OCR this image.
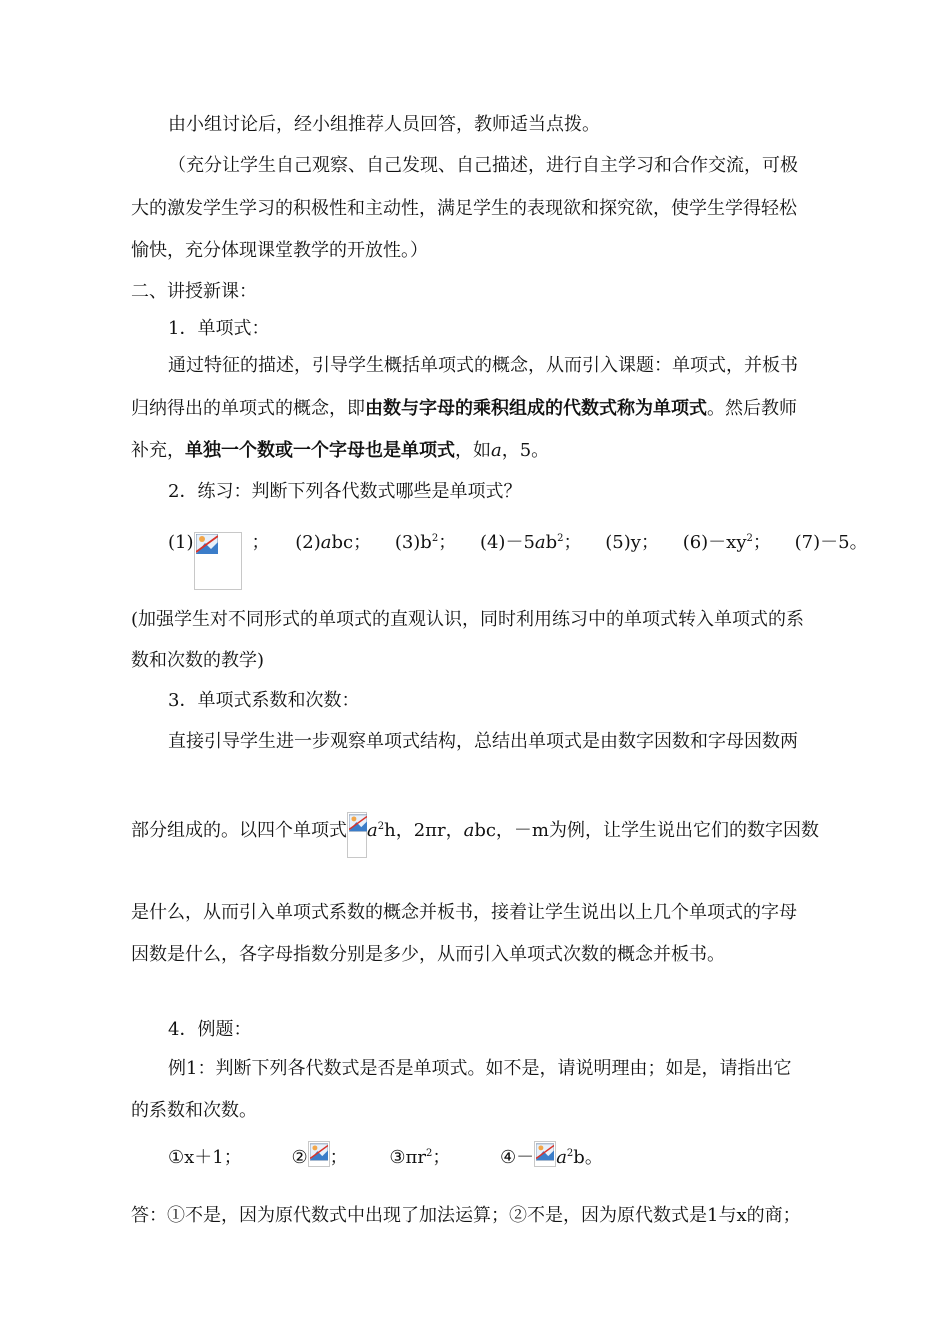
由小组讨论后，经小组推荐人员回答，教师适当点拨。
（充分让学生自己观察、自己发现、自己描述，进行自主学习和合作交流，可极
大的激发学生学习的积极性和主动性，满足学生的表现欲和探究欲，使学生学得轻松
愉快，充分体现课堂教学的开放性。）
二、讲授新课：
1．单项式：
通过特征的描述，引导学生概括单项式的概念，从而引入课题：单项式，并板书
归纳得出的单项式的概念，即由数与字母的乘积组成的代数式称为单项式。然后教师
补充，单独一个数或一个字母也是单项式，如a，5。
2．练习：判断下列各代数式哪些是单项式？
(1)	； (2)abc； $(3)b^2$； $(4)-5ab^2$； (5)y； $(6)-xy^2$； (7)－5。
(加强学生对不同形式的单项式的直观认识，同时利用练习中的单项式转入单项式的系
数和次数的教学)
3．单项式系数和次数：
直接引导学生进一步观察单项式结构，总结出单项式是由数字因数和字母因数两
部分组成的。以四个单项式 $a^2h$，2πr，abc，－m为例，让学生说出它们的数字因数
是什么，从而引入单项式系数的概念并板书，接着让学生说出以上几个单项式的字母
因数是什么，各字母指数分别是多少，从而引入单项式次数的概念并板书。
4．例题：
例1：判断下列各代数式是否是单项式。如不是，请说明理由；如是，请指出它
的系数和次数。
①x＋1；	② ； $③\pi r^2$；	④－ $a^2b$。
答：①不是，因为原代数式中出现了加法运算；②不是，因为原代数式是1与x的商；
